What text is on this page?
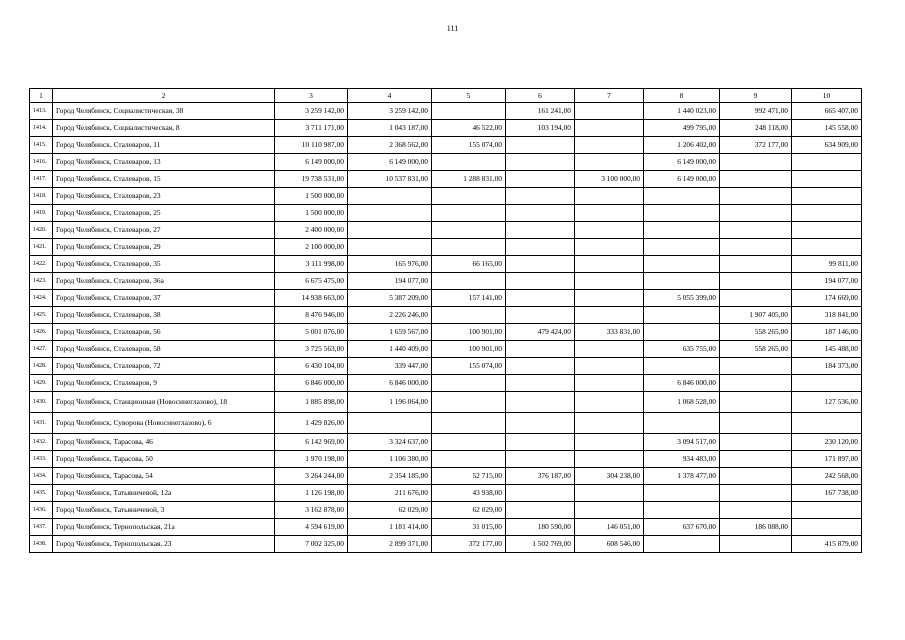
111
1	2	3	4	5	6	7	8	9	10
1413.	Город Челябинск, Социалистическая, 38	3 259 142,00	3 259 142,00		161 241,00		1 440 023,00	992 471,00	665 407,00
1414.	Город Челябинск, Социалистическая, 8	3 711 171,00	1 043 187,00	46 522,00	103 194,00		499 795,00	248 118,00	145 558,00
1415.	Город Челябинск, Сталеваров, 11	10 110 987,00	2 368 562,00	155 074,00			1 206 402,00	372 177,00	634 909,00
1416.	Город Челябинск, Сталеваров, 13	6 149 000,00	6 149 000,00				6 149 000,00		
1417.	Город Челябинск, Сталеваров, 15	19 738 531,00	10 537 831,00	1 288 831,00		3 100 000,00	6 149 000,00		
1418.	Город Челябинск, Сталеваров, 23	1 500 000,00							
1419.	Город Челябинск, Сталеваров, 25	1 500 000,00							
1420.	Город Челябинск, Сталеваров, 27	2 400 000,00							
1421.	Город Челябинск, Сталеваров, 29	2 100 000,00							
1422.	Город Челябинск, Сталеваров, 35	3 111 998,00	165 976,00	66 165,00					99 811,00
1423.	Город Челябинск, Сталеваров, 36а	6 675 475,00	194 077,00						194 077,00
1424.	Город Челябинск, Сталеваров, 37	14 938 663,00	5 387 209,00	157 141,00			5 055 399,00		174 669,00
1425.	Город Челябинск, Сталеваров, 38	8 476 946,00	2 226 246,00					1 907 405,00	318 841,00
1426.	Город Челябинск, Сталеваров, 56	5 001 076,00	1 659 567,00	100 901,00	479 424,00	333 831,00		558 265,00	187 146,00
1427.	Город Челябинск, Сталеваров, 58	3 725 563,00	1 440 409,00	100 901,00			635 755,00	558 265,00	145 488,00
1428.	Город Челябинск, Сталеваров, 72	6 430 104,00	339 447,00	155 074,00					184 373,00
1429.	Город Челябинск, Сталеваров, 9	6 846 000,00	6 846 000,00				6 846 000,00		
1430.	Город Челябинск, Станционная (Новосинеглазово), 18	1 885 898,00	1 196 064,00				1 068 528,00		127 536,00
1431.	Город Челябинск, Суворова (Новосинеглазово), 6	1 429 826,00							
1432.	Город Челябинск, Тарасова, 46	6 142 969,00	3 324 637,00				3 094 517,00		230 120,00
1433.	Город Челябинск, Тарасова, 50	1 970 198,00	1 106 380,00				934 483,00		171 897,00
1434.	Город Челябинск, Тарасова, 54	3 264 244,00	2 354 185,00	52 715,00	376 187,00	304 238,00	1 378 477,00		242 568,00
1435.	Город Челябинск, Татьяничевой, 12а	1 126 198,00	211 676,00	43 938,00					167 738,00
1436.	Город Челябинск, Татьяничевой, 3	3 162 878,00	62 029,00	62 029,00					
1437.	Город Челябинск, Тернопольская, 21а	4 594 619,00	1 181 414,00	31 015,00	180 590,00	146 051,00	637 670,00	186 088,00	
1438.	Город Челябинск, Тернопольская, 23	7 002 325,00	2 899 371,00	372 177,00	1 502 769,00	608 546,00			415 879,00
